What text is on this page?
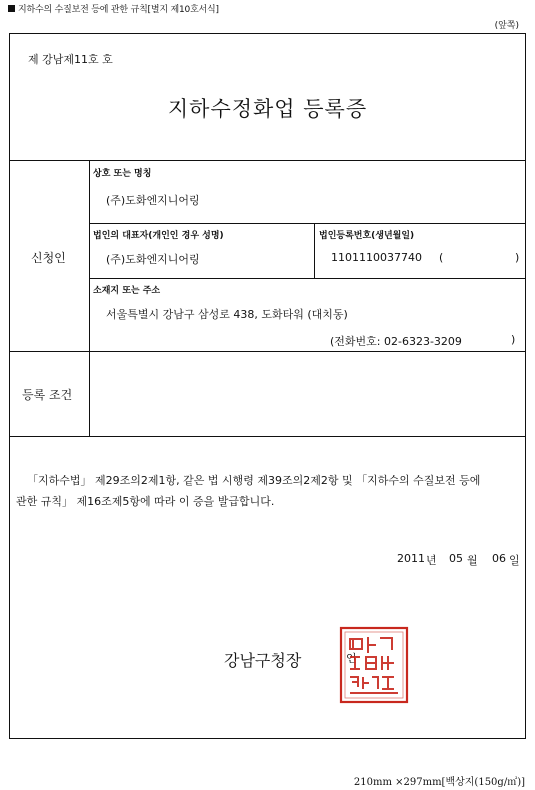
지하수의 수질보전 등에 관한 규칙[별지 제10호서식]
(앞쪽)
제 강남제11호 호
지하수정화업 등록증
신청인
상호 또는 명칭
(주)도화엔지니어링
법인의 대표자(개인인 경우 성명)
(주)도화엔지니어링
법인등록번호(생년월일)
1101110037740 (	)
소재지 또는 주소
서울특별시 강남구 삼성로 438, 도화타워 (대치동)
(전화번호: 02-6323-3209	)
등록 조건
「지하수법」 제29조의2제1항, 같은 법 시행령 제39조의2제2항 및 「지하수의 수질보전 등에
관한 규칙」 제16조제5항에 따라 이 증을 발급합니다.
2011 년 05 월 06 일
강남구청장	인
210mm ×297mm[백상지(150g/㎡)]
